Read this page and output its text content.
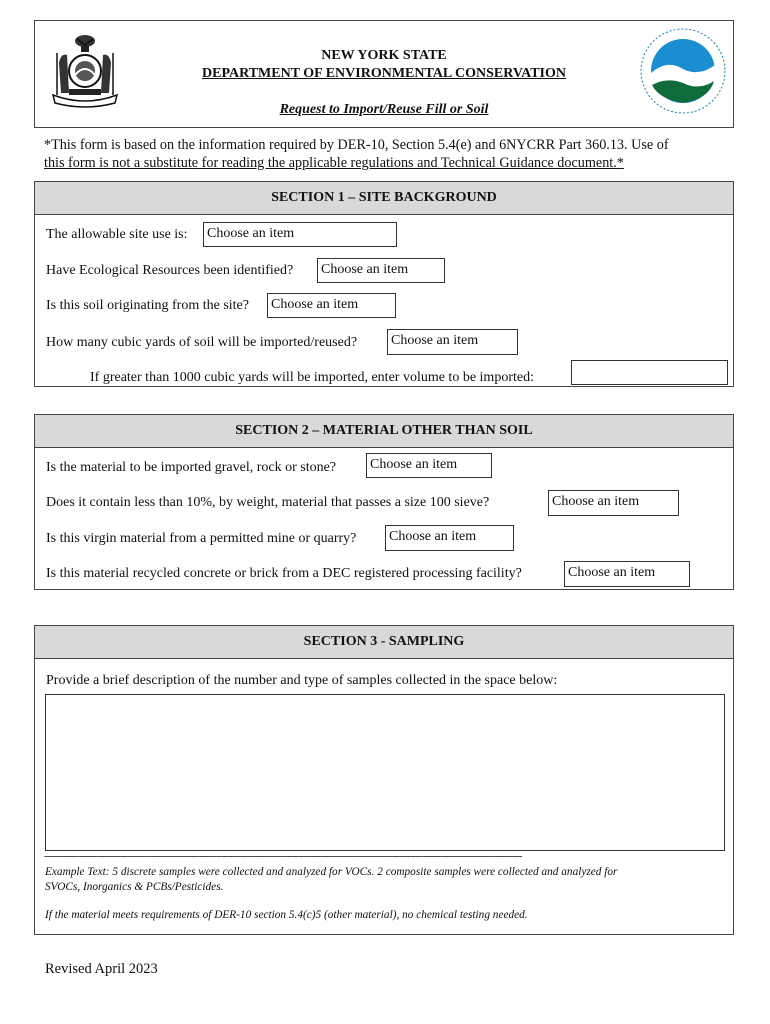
NEW YORK STATE
DEPARTMENT OF ENVIRONMENTAL CONSERVATION
Request to Import/Reuse Fill or Soil
*This form is based on the information required by DER-10, Section 5.4(e) and 6NYCRR Part 360.13. Use of
this form is not a substitute for reading the applicable regulations and Technical Guidance document.*
SECTION 1 – SITE BACKGROUND
The allowable site use is: Choose an item
Have Ecological Resources been identified? Choose an item
Is this soil originating from the site? Choose an item
How many cubic yards of soil will be imported/reused? Choose an item
If greater than 1000 cubic yards will be imported, enter volume to be imported:
SECTION 2 – MATERIAL OTHER THAN SOIL
Is the material to be imported gravel, rock or stone? Choose an item
Does it contain less than 10%, by weight, material that passes a size 100 sieve?	Choose an item
Is this virgin material from a permitted mine or quarry? Choose an item
Is this material recycled concrete or brick from a DEC registered processing facility?	Choose an item
SECTION 3 - SAMPLING
Provide a brief description of the number and type of samples collected in the space below:
-------------------------------------------------------------------------------------------------------------------------------------------------------------------------------
Example Text: 5 discrete samples were collected and analyzed for VOCs. 2 composite samples were collected and analyzed for
SVOCs, Inorganics & PCBs/Pesticides.
If the material meets requirements of DER-10 section 5.4(c)5 (other material), no chemical testing needed.
Revised April 2023
